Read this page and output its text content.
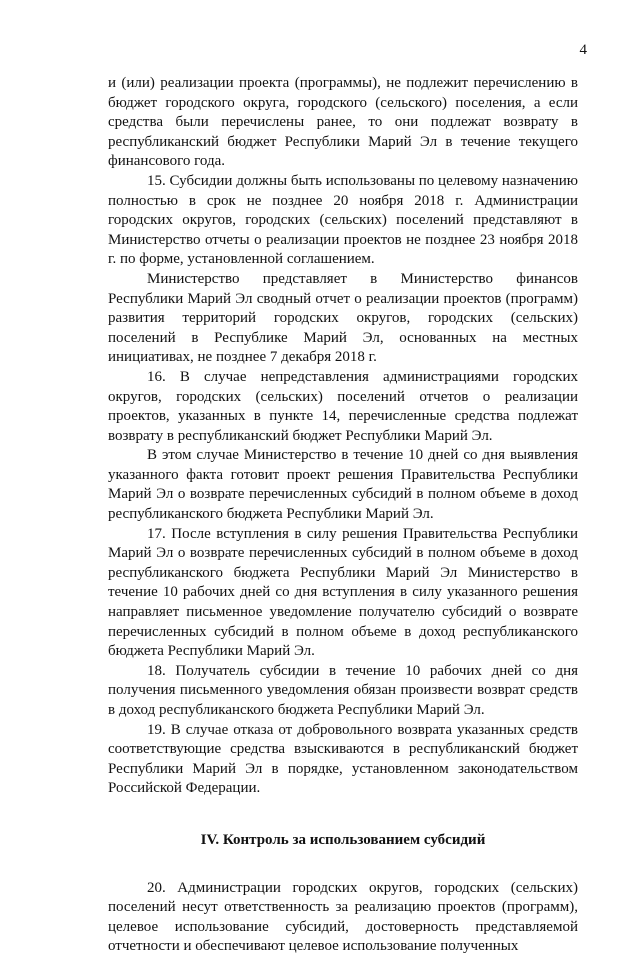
4

и (или) реализации проекта (программы), не подлежит перечислению в бюджет городского округа, городского (сельского) поселения, а если средства были перечислены ранее, то они подлежат возврату в республиканский бюджет Республики Марий Эл в течение текущего финансового года.

15. Субсидии должны быть использованы по целевому назначению полностью в срок не позднее 20 ноября 2018 г. Администрации городских округов, городских (сельских) поселений представляют в Министерство отчеты о реализации проектов не позднее 23 ноября 2018 г. по форме, установленной соглашением.

Министерство представляет в Министерство финансов Республики Марий Эл сводный отчет о реализации проектов (программ) развития территорий городских округов, городских (сельских) поселений в Республике Марий Эл, основанных на местных инициативах, не позднее 7 декабря 2018 г.

16. В случае непредставления администрациями городских округов, городских (сельских) поселений отчетов о реализации проектов, указанных в пункте 14, перечисленные средства подлежат возврату в республиканский бюджет Республики Марий Эл.

В этом случае Министерство в течение 10 дней со дня выявления указанного факта готовит проект решения Правительства Республики Марий Эл о возврате перечисленных субсидий в полном объеме в доход республиканского бюджета Республики Марий Эл.

17. После вступления в силу решения Правительства Республики Марий Эл о возврате перечисленных субсидий в полном объеме в доход республиканского бюджета Республики Марий Эл Министерство в течение 10 рабочих дней со дня вступления в силу указанного решения направляет письменное уведомление получателю субсидий о возврате перечисленных субсидий в полном объеме в доход республиканского бюджета Республики Марий Эл.

18. Получатель субсидии в течение 10 рабочих дней со дня получения письменного уведомления обязан произвести возврат средств в доход республиканского бюджета Республики Марий Эл.

19. В случае отказа от добровольного возврата указанных средств соответствующие средства взыскиваются в республиканский бюджет Республики Марий Эл в порядке, установленном законодательством Российской Федерации.

IV. Контроль за использованием субсидий

20. Администрации городских округов, городских (сельских) поселений несут ответственность за реализацию проектов (программ), целевое использование субсидий, достоверность представляемой отчетности и обеспечивают целевое использование полученных
